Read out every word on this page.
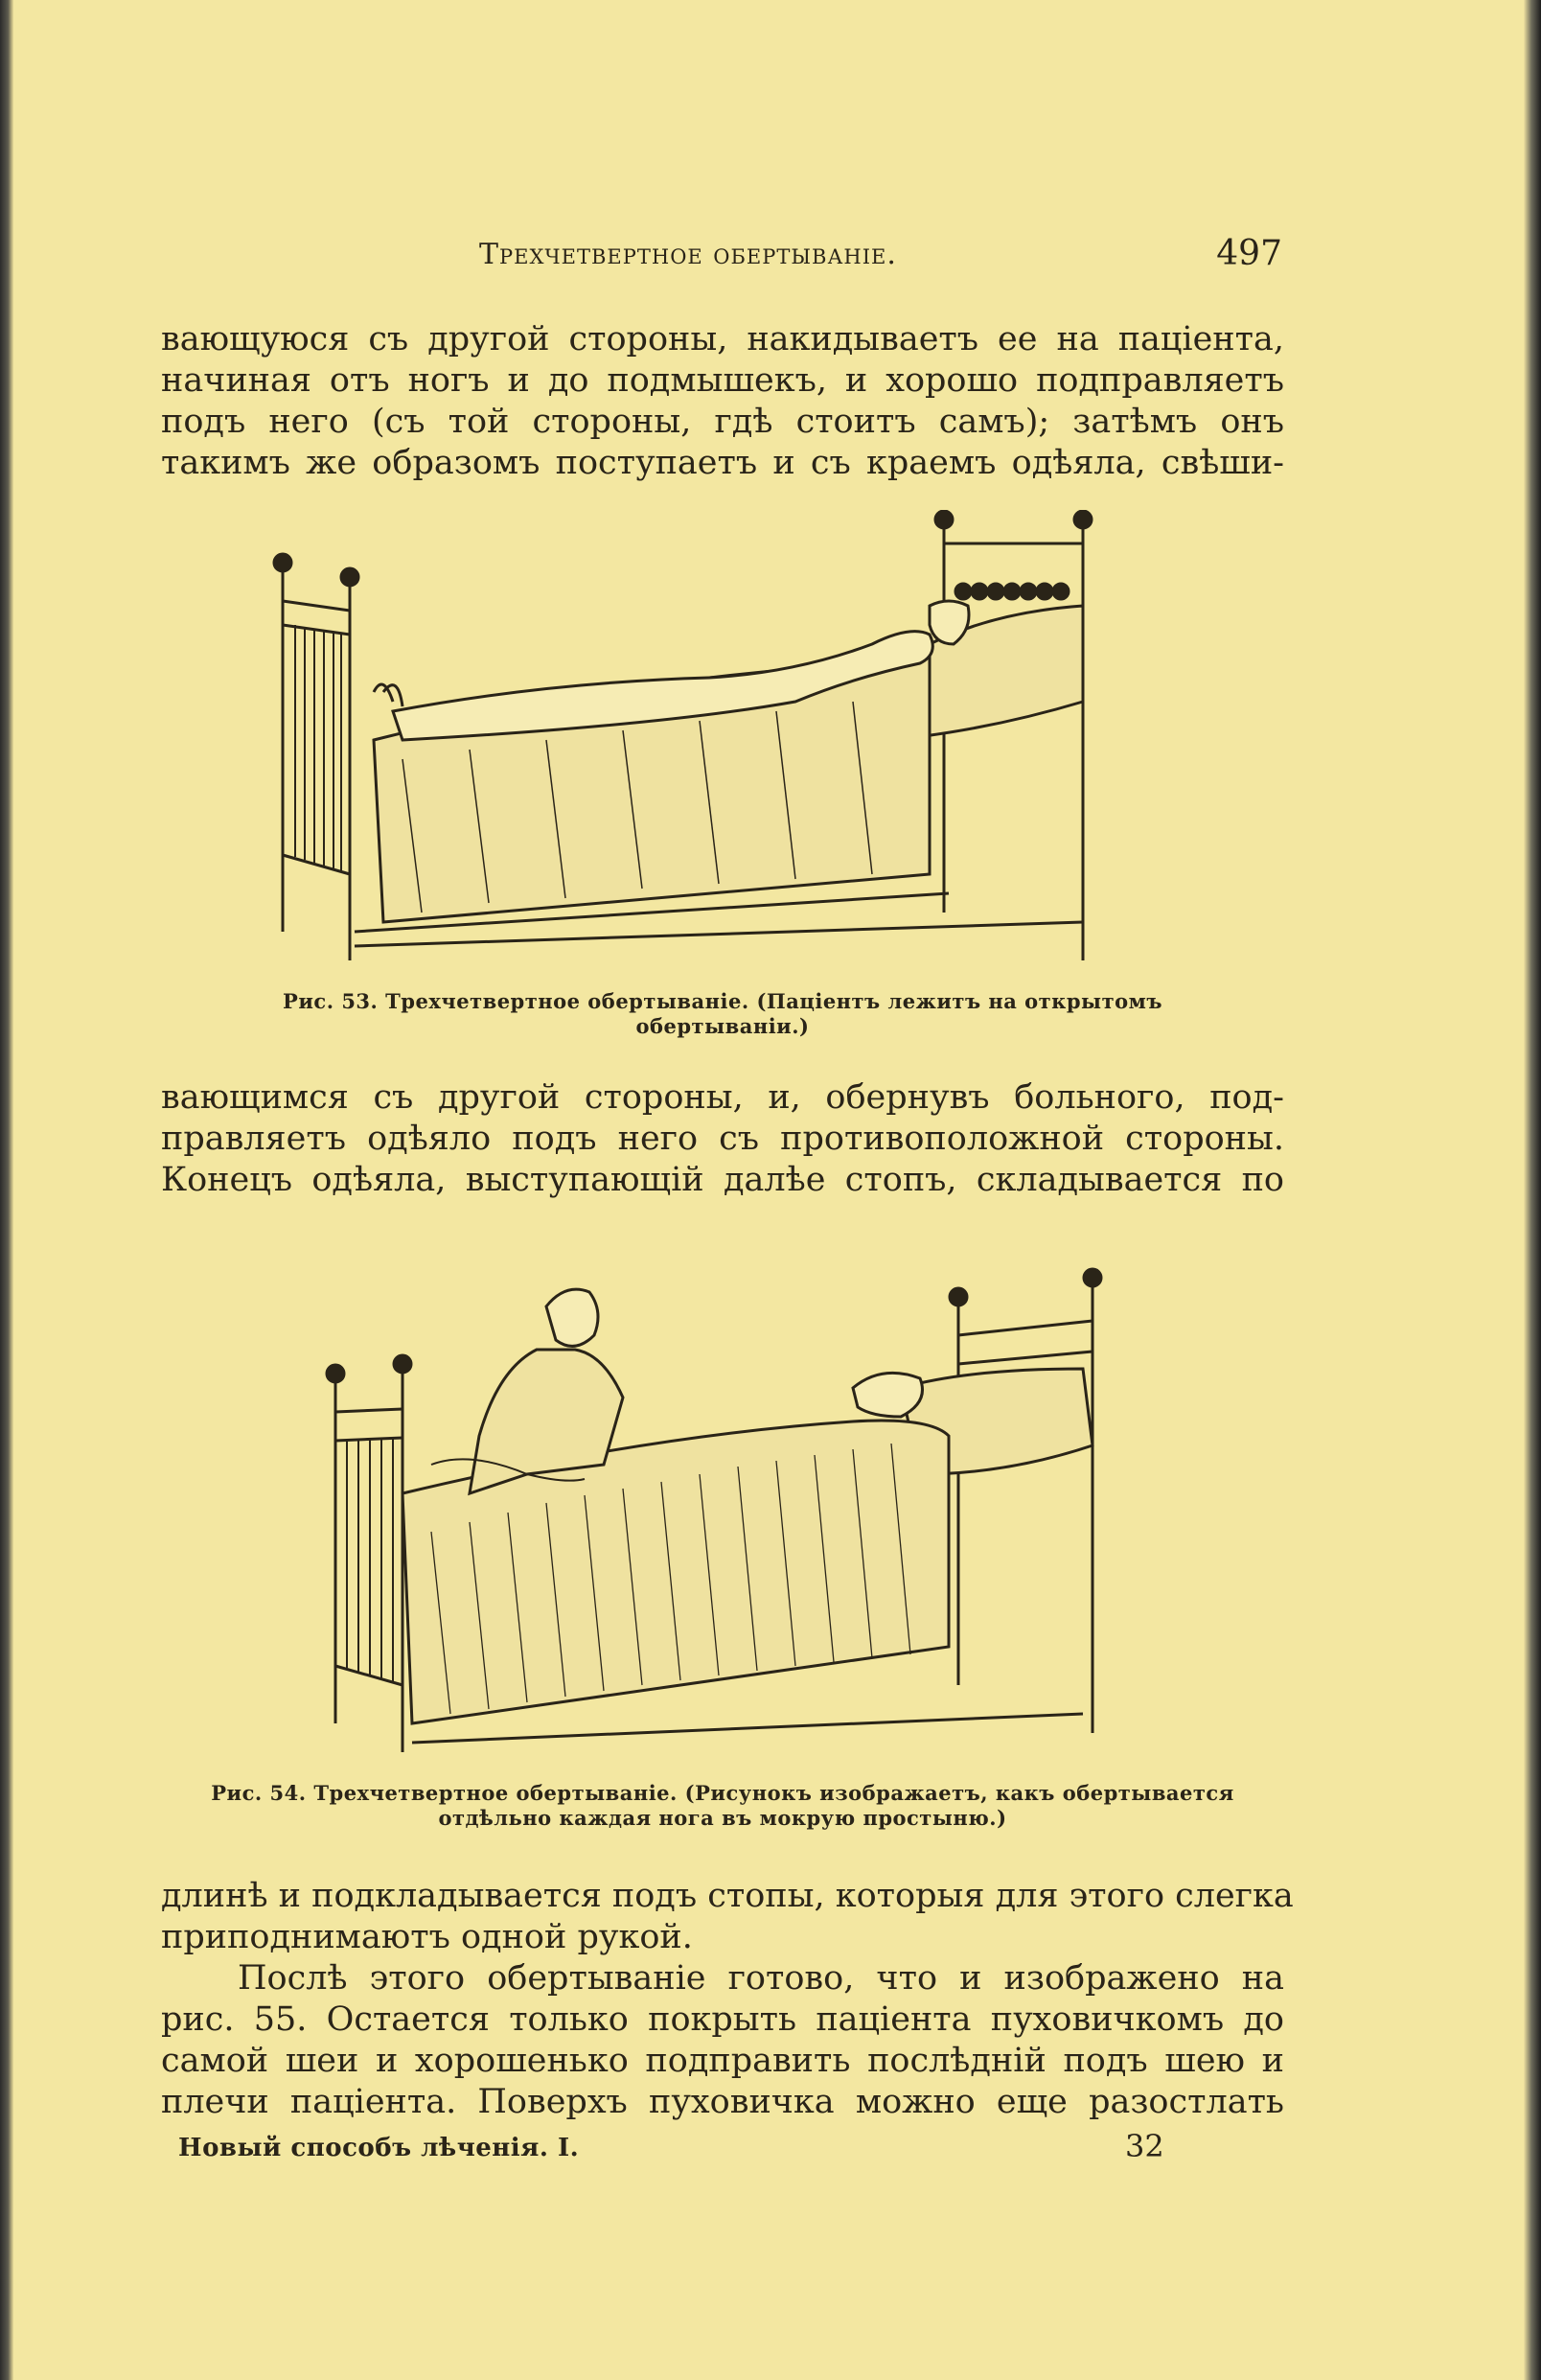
Трехчетвертное обертываніе.	497
вающуюся съ другой стороны, накидываетъ ее на паціента,
начиная отъ ногъ и до подмышекъ, и хорошо подправляетъ
подъ него (съ той стороны, гдѣ стоитъ самъ); затѣмъ онъ
такимъ же образомъ поступаетъ и съ краемъ одѣяла, свѣши-
Рис. 53. Трехчетвертное обертываніе. (Паціентъ лежитъ на открытомъ
обертываніи.)
вающимся съ другой стороны, и, обернувъ больного, под-
правляетъ одѣяло подъ него съ противоположной стороны.
Конецъ одѣяла, выступающій далѣе стопъ, складывается по
Рис. 54. Трехчетвертное обертываніе. (Рисунокъ изображаетъ, какъ обертывается
отдѣльно каждая нога въ мокрую простыню.)
длинѣ и подкладывается подъ стопы, которыя для этого слегка
приподнимаютъ одной рукой.
Послѣ этого обертываніе готово, что и изображено на
рис. 55. Остается только покрыть паціента пуховичкомъ до
самой шеи и хорошенько подправить послѣдній подъ шею и
плечи паціента. Поверхъ пуховичка можно еще разостлать
Новый способъ лѣченія. I.	32
